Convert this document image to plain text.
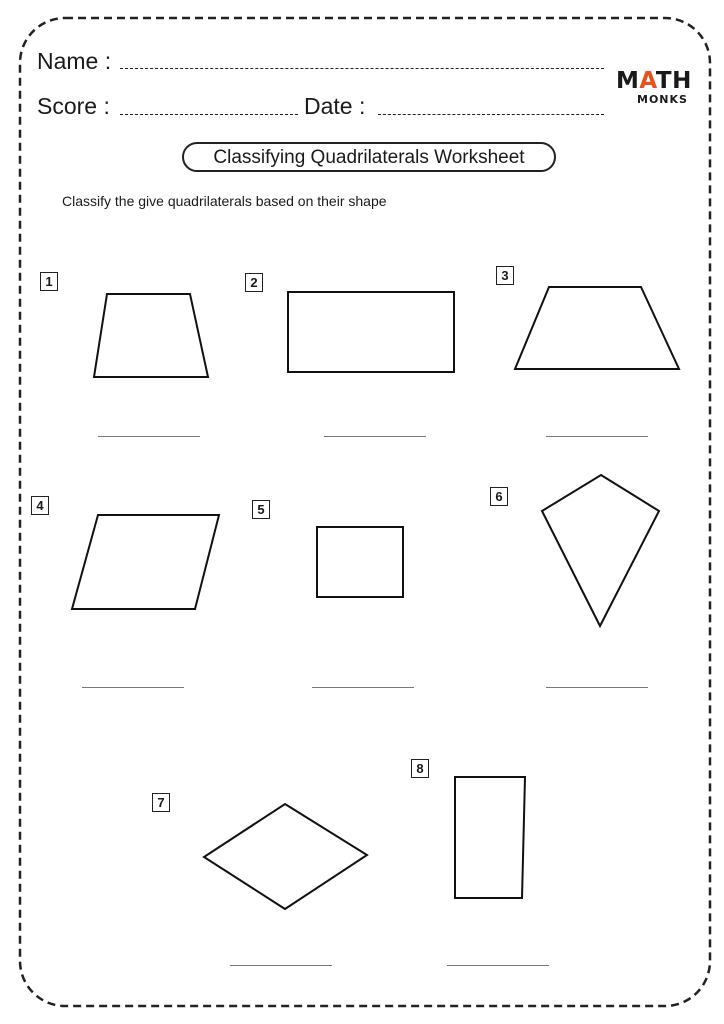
Name :
Score :	Date :
MATH
MONKS
Classifying Quadrilaterals Worksheet
Classify the give quadrilaterals based on their shape
1	2	3
4	5
6
7
8
